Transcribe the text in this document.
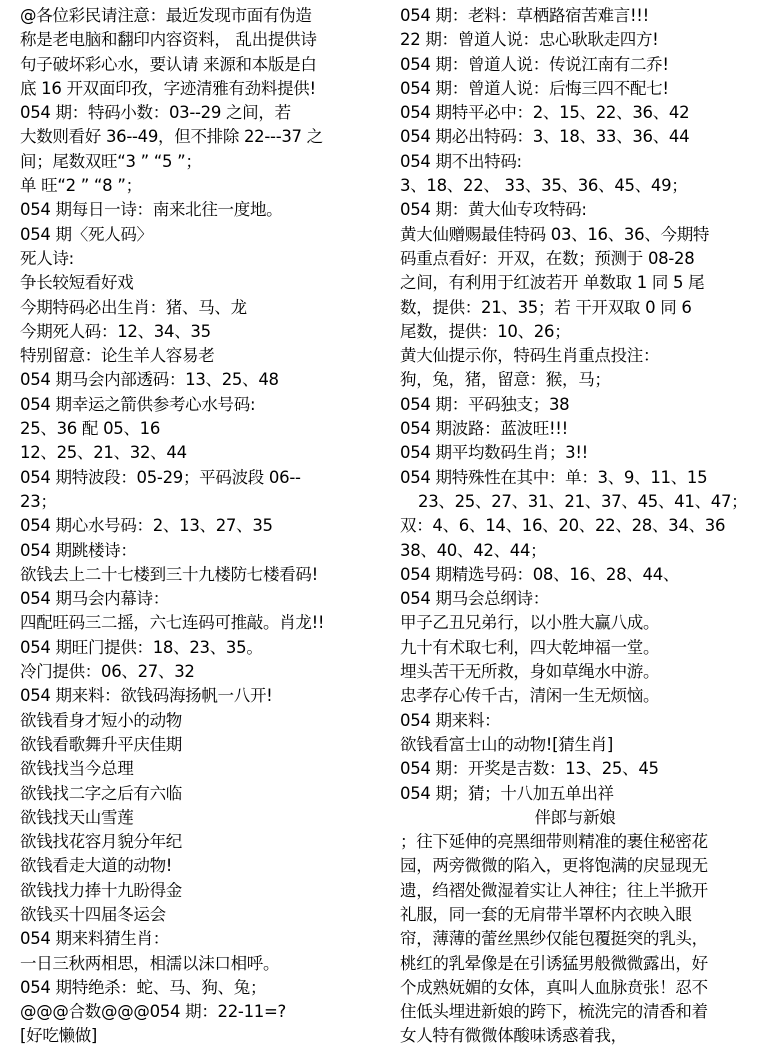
@各位彩民请注意：最近发现市面有伪造
称是老电脑和翻印内容资料， 乱出提供诗
句子破坏彩心水，要认请 来源和本版是白
底 16 开双面印孜，字迹清雅有劲料提供!
054 期：特码小数：03--29 之间，若
大数则看好 36--49，但不排除 22---37 之
间；尾数双旺“3 ” “5 ”；
单 旺“2 ” “8 ”；
054 期每日一诗：南来北往一度地。
054 期〈死人码〉
死人诗:
争长较短看好戏
今期特码必出生肖：猪、马、龙
今期死人码：12、34、35
特别留意：论生羊人容易老
054 期马会内部透码：13、25、48
054 期幸运之箭供参考心水号码:
25、36 配 05、16
12、25、21、32、44
054 期特波段：05-29；平码波段 06--
23；
054 期心水号码：2、13、27、35
054 期跳楼诗：
欲钱去上二十七楼到三十九楼防七楼看码!
054 期马会内幕诗：
四配旺码三二摇，六七连码可推敲。肖龙!!
054 期旺门提供：18、23、35。
冷门提供：06、27、32
054 期来料：欲钱码海扬帆一八开!
欲钱看身才短小的动物
欲钱看歌舞升平庆佳期
欲钱找当今总理
欲钱找二字之后有六临
欲钱找天山雪莲
欲钱找花容月貌分年纪
欲钱看走大道的动物!
欲钱找力捧十九盼得金
欲钱买十四届冬运会
054 期来料猜生肖：
一日三秋两相思，相濡以沫口相呼。
054 期特绝杀：蛇、马、狗、兔；
@@@合数@@@054 期：22-11=?
[好吃懒做]
054 期：老料：草栖路宿苦难言!!!
22 期：曾道人说：忠心耿耿走四方!
054 期：曾道人说：传说江南有二乔!
054 期：曾道人说：后悔三四不配七!
054 期特平必中：2、15、22、36、42
054 期必出特码：3、18、33、36、44
054 期不出特码:
3、18、22、 33、35、36、45、49；
054 期：黄大仙专攻特码:
黄大仙赠赐最佳特码 03、16、36、今期特
码重点看好：开双，在数；预测于 08-28
之间，有利用于红波若开 单数取 1 同 5 尾
数，提供：21、35；若 干开双取 0 同 6
尾数，提供：10、26；
黄大仙提示你，特码生肖重点投注：
狗，兔，猪，留意：猴，马；
054 期：平码独支；38
054 期波路：蓝波旺!!!
054 期平均数码生肖；3!!
054 期特殊性在其中：单：3、9、11、15
23、25、27、31、21、37、45、41、47；
双：4、6、14、16、20、22、28、34、36
38、40、42、44；
054 期精选号码：08、16、28、44、
054 期马会总纲诗：
甲子乙丑兄弟行，以小胜大赢八成。
九十有术取七利，四大乾坤福一堂。
埋头苦干无所救，身如草绳水中游。
忠孝存心传千古，清闲一生无烦恼。
054 期来料：
欲钱看富士山的动物![猜生肖]
054 期：开奖是吉数：13、25、45
054 期；猜；十八加五单出祥
伴郎与新娘
；往下延伸的亮黑细带则精准的裹住秘密花
园，两旁微微的陷入，更将饱满的戻显现无
遗，绉褶处微湿着实让人神往；往上半掀开
礼服，同一套的无肩带半罩杯内衣映入眼
帘，薄薄的蕾丝黑纱仅能包覆挺突的乳头，
桃红的乳晕像是在引诱猛男般微微露出，好
个成熟妩媚的女体，真叫人血脉贲张！忍不
住低头埋进新娘的跨下，梳洗完的清香和着
女人特有微微体酸味诱惑着我，
